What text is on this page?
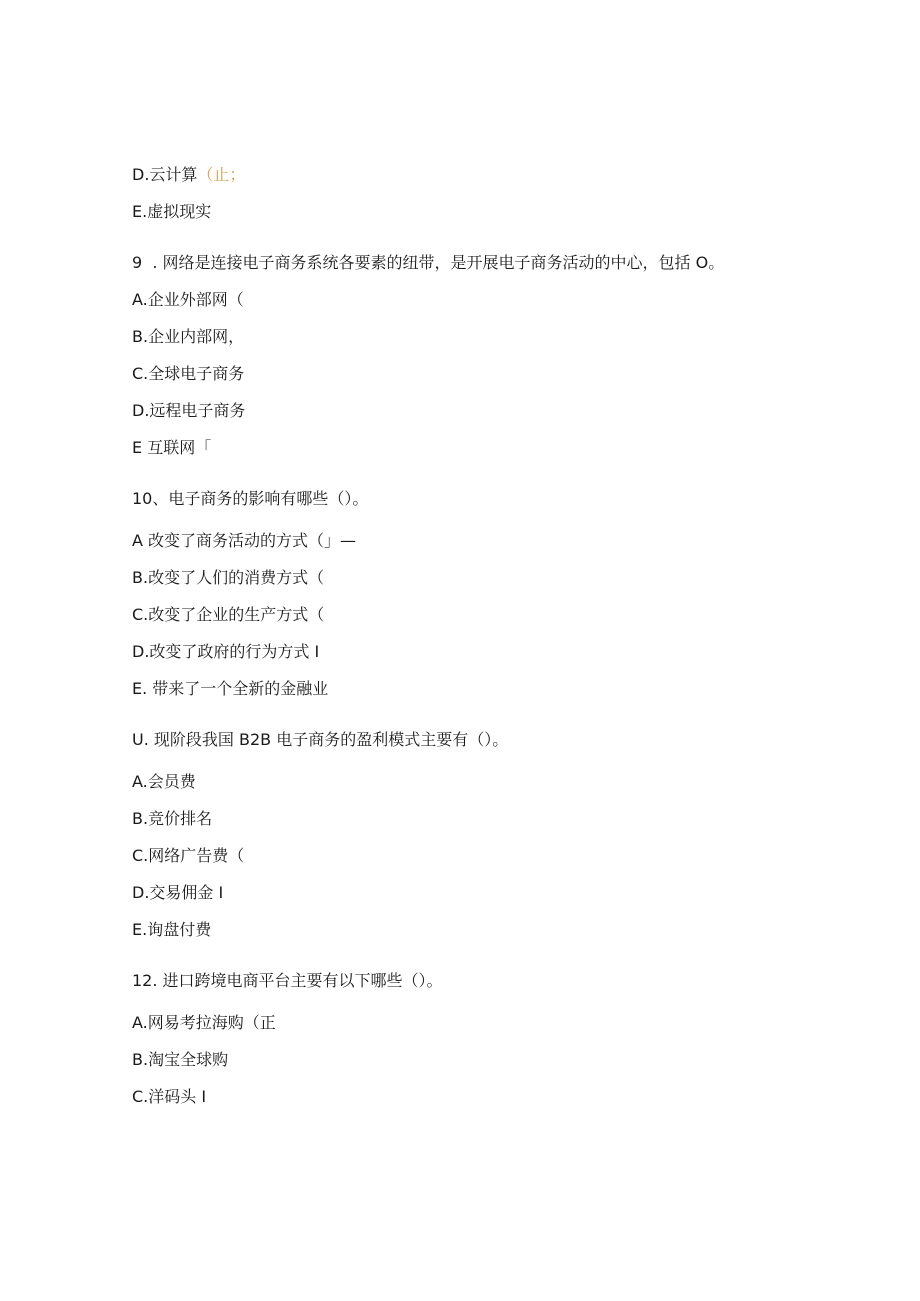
D.云计算（止；
E.虚拟现实
9  . 网络是连接电子商务系统各要素的纽带，是开展电子商务活动的中心，包括 O。
A.企业外部网（
B.企业内部网，
C.全球电子商务
D.远程电子商务
E 互联网「
10、电子商务的影响有哪些（）。
A 改变了商务活动的方式（」—
B.改变了人们的消费方式（
C.改变了企业的生产方式（
D.改变了政府的行为方式 I
E. 带来了一个全新的金融业
U. 现阶段我国 B2B 电子商务的盈利模式主要有（）。
A.会员费
B.竞价排名
C.网络广告费（
D.交易佣金 I
E.询盘付费
12. 进口跨境电商平台主要有以下哪些（）。
A.网易考拉海购（正
B.淘宝全球购
C.洋码头 I
